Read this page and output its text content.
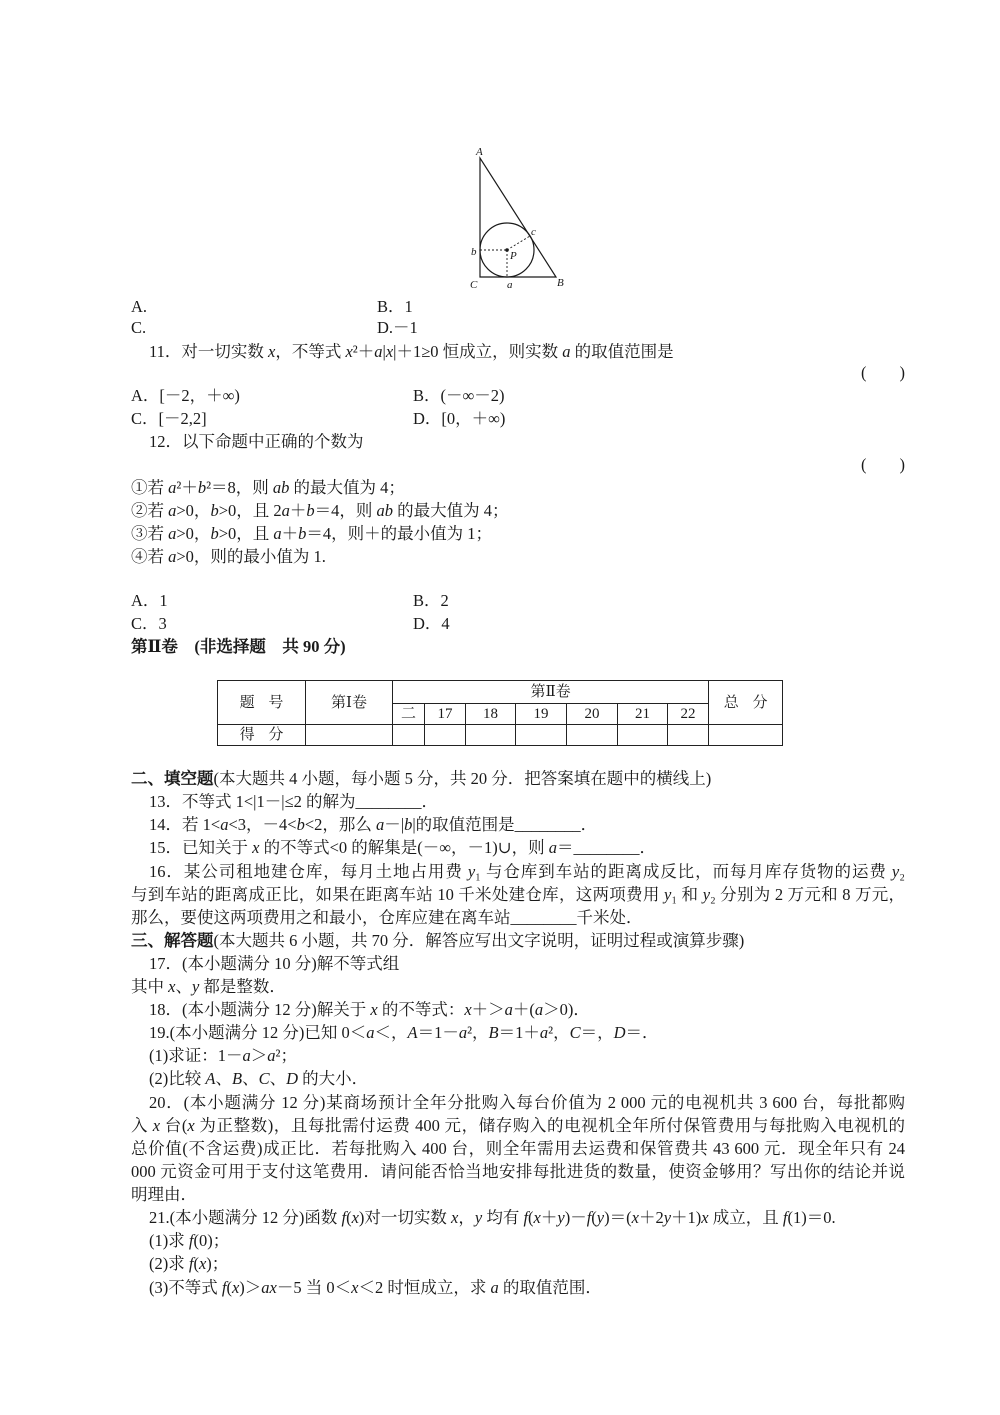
A
b
C	a	B
c
P
A.	B．1
C.	D.－1
11．对一切实数 x，不等式 x²＋a|x|＋1≥0 恒成立，则实数 a 的取值范围是
(　　)
A．[－2，＋∞)	B．(－∞－2)
C．[－2,2]	D．[0，＋∞)
12．以下命题中正确的个数为
(　　)
①若 a²＋b²＝8，则 ab 的最大值为 4；
②若 a>0，b>0，且 2a＋b＝4，则 ab 的最大值为 4；
③若 a>0，b>0，且 a＋b＝4，则＋的最小值为 1；
④若 a>0，则的最小值为 1.
A．1	B．2
C．3	D．4
第Ⅱ卷　(非选择题　共 90 分)
题 号	第Ⅰ卷	第Ⅱ卷							总 分
		二	17	18	19	20	21	22	
得 分									
二、填空题(本大题共 4 小题，每小题 5 分，共 20 分．把答案填在题中的横线上)
13．不等式 1<|1－|≤2 的解为________．
14．若 1<a<3，－4<b<2，那么 a－|b|的取值范围是________．
15．已知关于 x 的不等式<0 的解集是(－∞，－1)∪，则 a＝________．
16．某公司租地建仓库，每月土地占用费 y₁ 与仓库到车站的距离成反比，而每月库存货物的运费 y₂
与到车站的距离成正比，如果在距离车站 10 千米处建仓库，这两项费用 y₁ 和 y₂ 分别为 2 万元和 8 万元，
那么，要使这两项费用之和最小，仓库应建在离车站________千米处．
三、解答题(本大题共 6 小题，共 70 分．解答应写出文字说明，证明过程或演算步骤)
17．(本小题满分 10 分)解不等式组
其中 x、y 都是整数．
18．(本小题满分 12 分)解关于 x 的不等式：x＋＞a＋(a＞0)．
19.(本小题满分 12 分)已知 0＜a＜，A＝1－a²，B＝1＋a²，C＝，D＝．
(1)求证：1－a＞a²；
(2)比较 A、B、C、D 的大小．
20．(本小题满分 12 分)某商场预计全年分批购入每台价值为 2 000 元的电视机共 3 600 台，每批都购
入 x 台(x 为正整数)，且每批需付运费 400 元，储存购入的电视机全年所付保管费用与每批购入电视机的
总价值(不含运费)成正比．若每批购入 400 台，则全年需用去运费和保管费共 43 600 元．现全年只有 24
000 元资金可用于支付这笔费用．请问能否恰当地安排每批进货的数量，使资金够用？写出你的结论并说
明理由．
21.(本小题满分 12 分)函数 f(x)对一切实数 x，y 均有 f(x＋y)－f(y)＝(x＋2y＋1)x 成立，且 f(1)＝0.
(1)求 f(0)；
(2)求 f(x)；
(3)不等式 f(x)＞ax－5 当 0＜x＜2 时恒成立，求 a 的取值范围．
